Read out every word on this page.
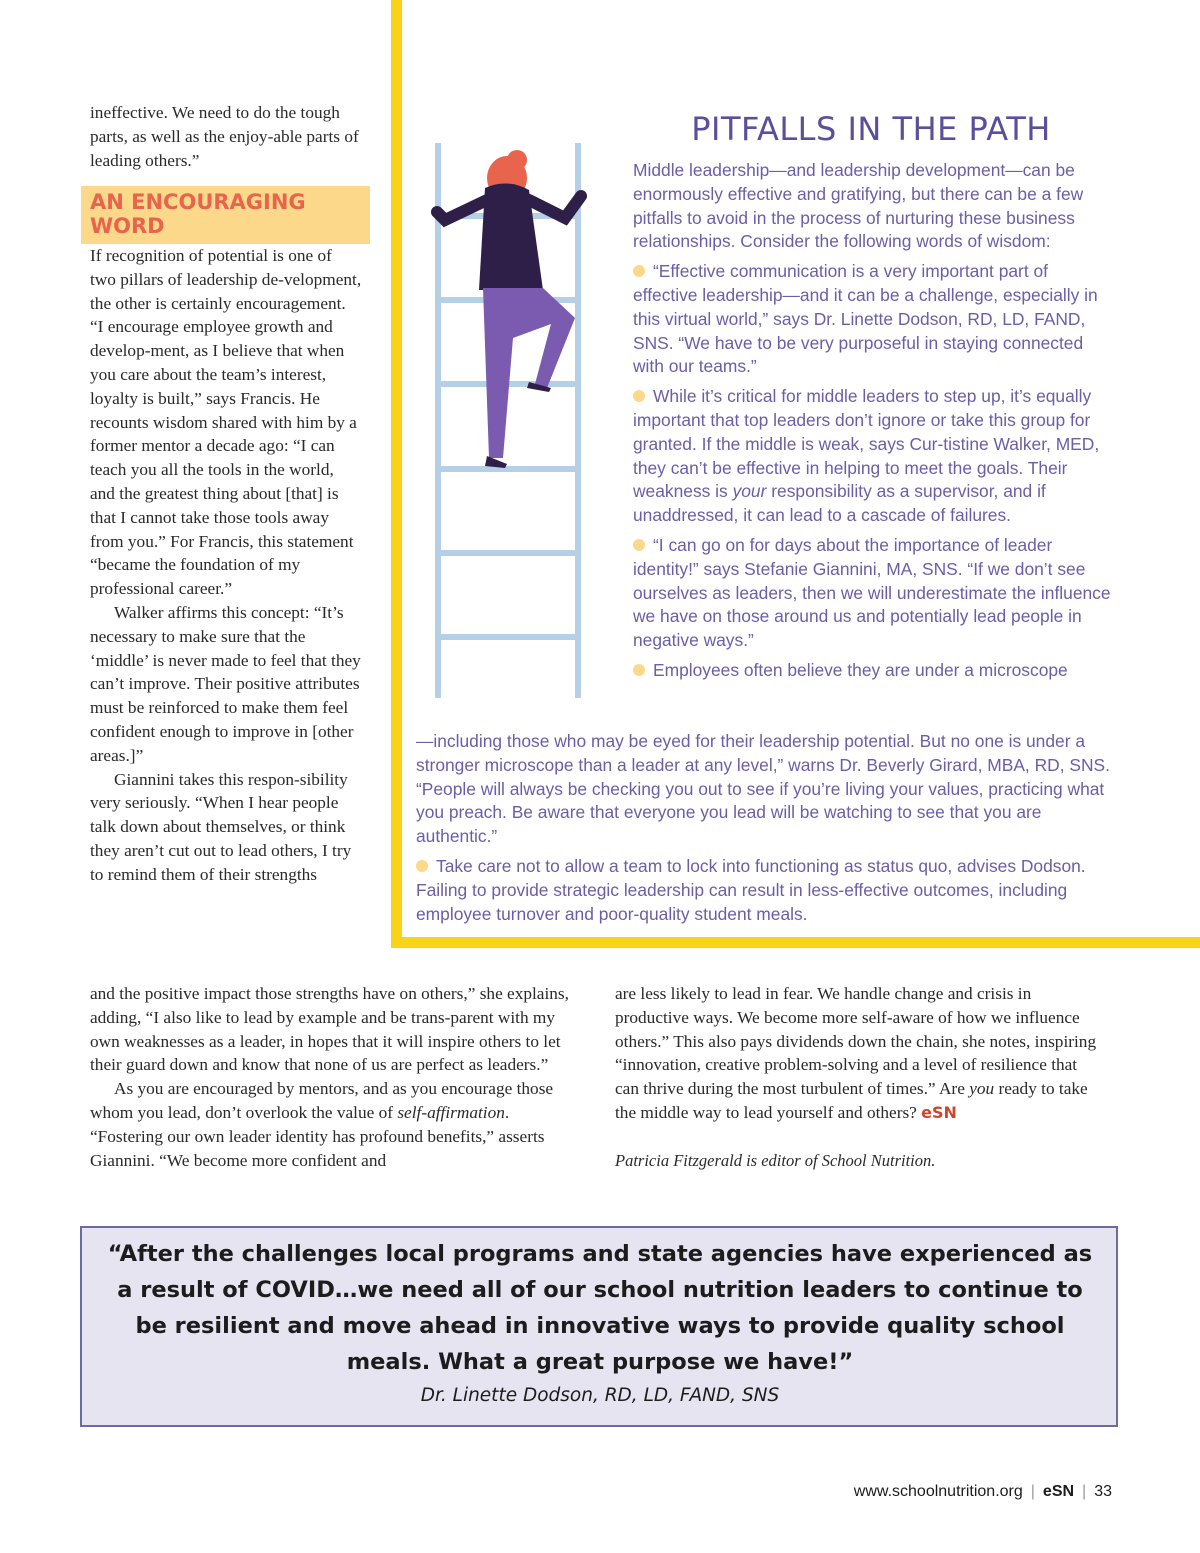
ineffective. We need to do the tough parts, as well as the enjoy-able parts of leading others.”

AN ENCOURAGING WORD

If recognition of potential is one of two pillars of leadership de-velopment, the other is certainly encouragement. “I encourage employee growth and develop-ment, as I believe that when you care about the team’s interest, loyalty is built,” says Francis. He recounts wisdom shared with him by a former mentor a decade ago: “I can teach you all the tools in the world, and the greatest thing about [that] is that I cannot take those tools away from you.” For Francis, this statement “became the foundation of my professional career.”

Walker affirms this concept: “It’s necessary to make sure that the ‘middle’ is never made to feel that they can’t improve. Their positive attributes must be reinforced to make them feel confident enough to improve in [other areas.]”

Giannini takes this respon-sibility very seriously. “When I hear people talk down about themselves, or think they aren’t cut out to lead others, I try to remind them of their strengths

PITFALLS IN THE PATH

Middle leadership—and leadership development—can be enormously effective and gratifying, but there can be a few pitfalls to avoid in the process of nurturing these business relationships. Consider the following words of wisdom:

“Effective communication is a very important part of effective leadership—and it can be a challenge, especially in this virtual world,” says Dr. Linette Dodson, RD, LD, FAND, SNS. “We have to be very purposeful in staying connected with our teams.”

While it’s critical for middle leaders to step up, it’s equally important that top leaders don’t ignore or take this group for granted. If the middle is weak, says Cur-tistine Walker, MED, they can’t be effective in helping to meet the goals. Their weakness is your responsibility as a supervisor, and if unaddressed, it can lead to a cascade of failures.

“I can go on for days about the importance of leader identity!” says Stefanie Giannini, MA, SNS. “If we don’t see ourselves as leaders, then we will underestimate the influence we have on those around us and potentially lead people in negative ways.”

Employees often believe they are under a microscope

—including those who may be eyed for their leadership potential. But no one is under a stronger microscope than a leader at any level,” warns Dr. Beverly Girard, MBA, RD, SNS. “People will always be checking you out to see if you’re living your values, practicing what you preach. Be aware that everyone you lead will be watching to see that you are authentic.”

Take care not to allow a team to lock into functioning as status quo, advises Dodson. Failing to provide strategic leadership can result in less-effective outcomes, including employee turnover and poor-quality student meals.

and the positive impact those strengths have on others,” she explains, adding, “I also like to lead by example and be trans-parent with my own weaknesses as a leader, in hopes that it will inspire others to let their guard down and know that none of us are perfect as leaders.”

As you are encouraged by mentors, and as you encourage those whom you lead, don’t overlook the value of self-affirmation. “Fostering our own leader identity has profound benefits,” asserts Giannini. “We become more confident and

are less likely to lead in fear. We handle change and crisis in productive ways. We become more self-aware of how we influence others.” This also pays dividends down the chain, she notes, inspiring “innovation, creative problem-solving and a level of resilience that can thrive during the most turbulent of times.” Are you ready to take the middle way to lead yourself and others? eSN

Patricia Fitzgerald is editor of School Nutrition.

“After the challenges local programs and state agencies have experienced as a result of COVID…we need all of our school nutrition leaders to continue to be resilient and move ahead in innovative ways to provide quality school meals. What a great purpose we have!”
Dr. Linette Dodson, RD, LD, FAND, SNS
www.schoolnutrition.org | eSN | 33
